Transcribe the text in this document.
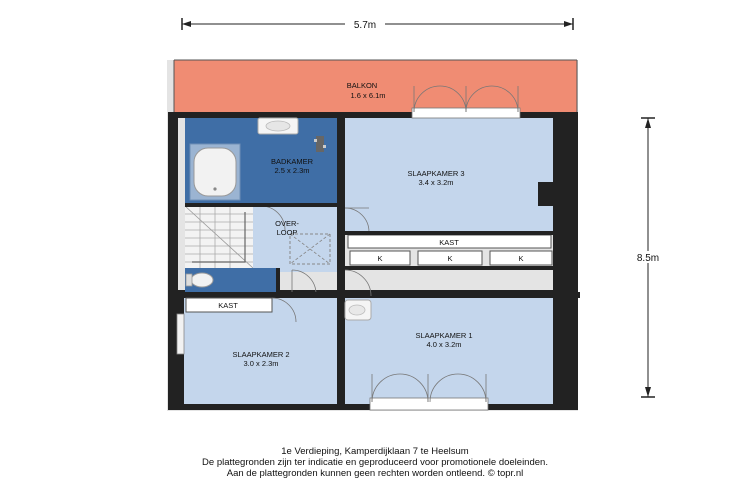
5.7m
8.5m
BALKON
1.6 x 6.1m
BADKAMER
2.5 x 2.3m	SLAAPKAMER 3
3.4 x 3.2m
OVER-
LOOP
KAST
K	K	K
KAST
SLAAPKAMER 1
4.0 x 3.2m
SLAAPKAMER 2
3.0 x 2.3m
1e Verdieping, Kamperdijklaan 7 te Heelsum
De plattegronden zijn ter indicatie en geproduceerd voor promotionele doeleinden.
Aan de plattegronden kunnen geen rechten worden ontleend. © topr.nl
